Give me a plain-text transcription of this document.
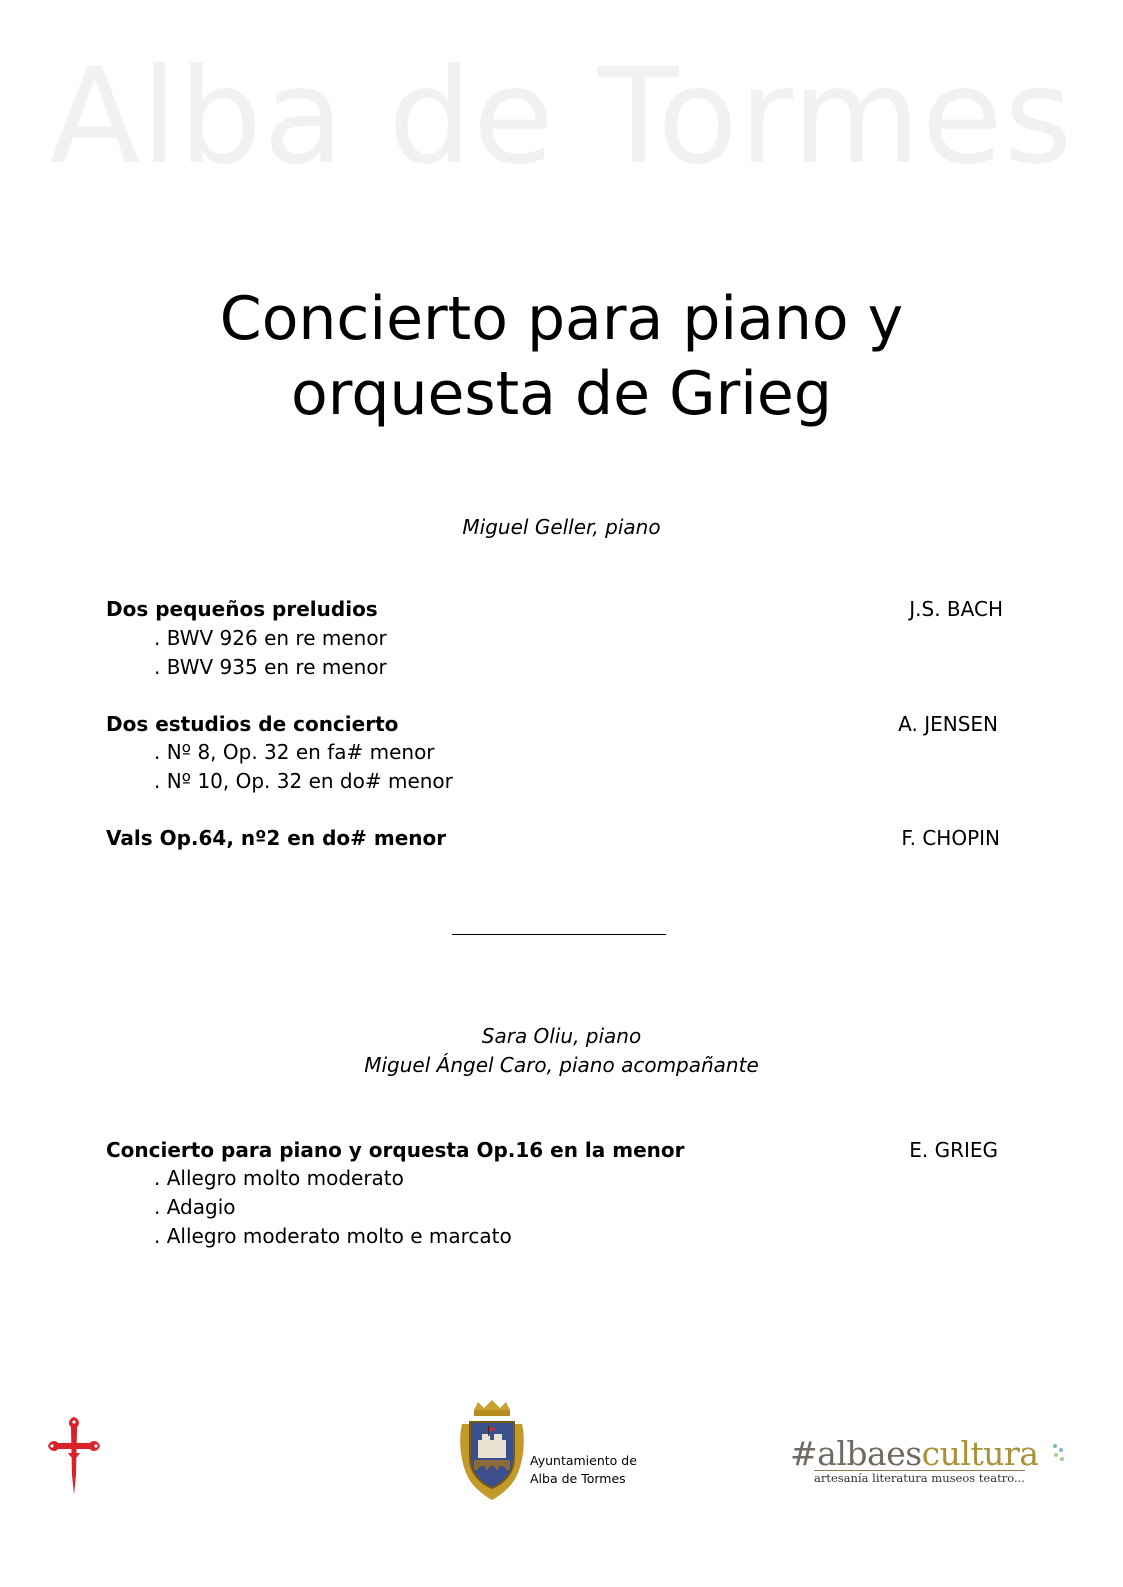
Alba de Tormes
Concierto para piano y
orquesta de Grieg
Miguel Geller, piano
Dos pequeños preludios	J.S. BACH
. BWV 926 en re menor
. BWV 935 en re menor
Dos estudios de concierto	A. JENSEN
. Nº 8, Op. 32 en fa# menor
. Nº 10, Op. 32 en do# menor
Vals Op.64, nº2 en do# menor	F. CHOPIN
Sara Oliu, piano
Miguel Ángel Caro, piano acompañante
Concierto para piano y orquesta Op.16 en la menor	E. GRIEG
. Allegro molto moderato
. Adagio
. Allegro moderato molto e marcato
Ayuntamiento de
Alba de Tormes
#albaescultura
artesanía literatura museos teatro...
